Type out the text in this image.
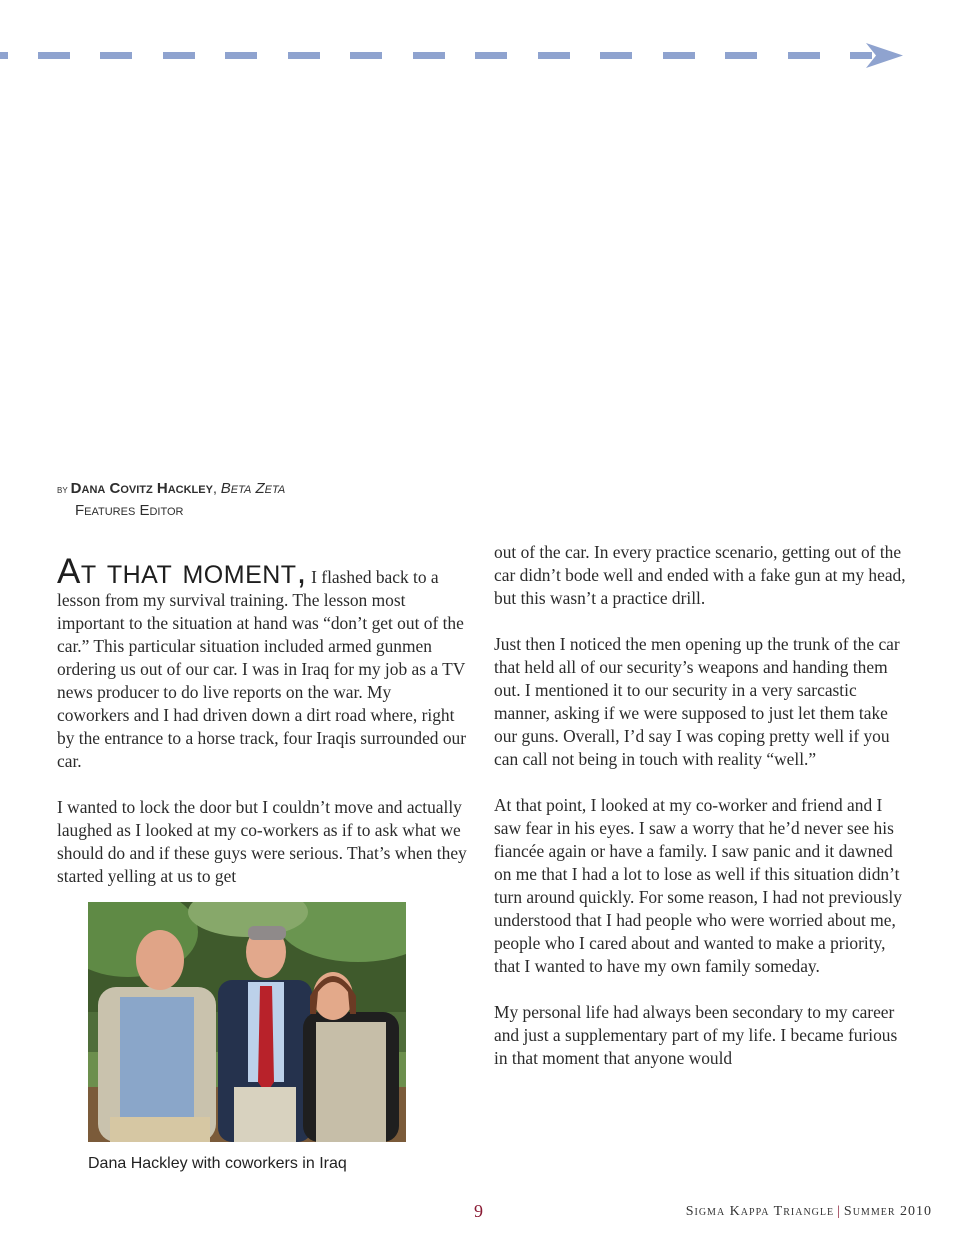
by Dana Covitz Hackley, Beta Zeta
Features Editor

At that moment, I flashed back to a lesson from my survival training. The lesson most important to the situation at hand was “don’t get out of the car.” This particular situation included armed gunmen ordering us out of our car. I was in Iraq for my job as a TV news producer to do live reports on the war. My coworkers and I had driven down a dirt road where, right by the entrance to a horse track, four Iraqis surrounded our car.

I wanted to lock the door but I couldn’t move and actually laughed as I looked at my co-workers as if to ask what we should do and if these guys were serious. That’s when they started yelling at us to get

out of the car. In every practice scenario, getting out of the car didn’t bode well and ended with a fake gun at my head, but this wasn’t a practice drill.

Just then I noticed the men opening up the trunk of the car that held all of our security’s weapons and handing them out. I mentioned it to our security in a very sarcastic manner, asking if we were supposed to just let them take our guns. Overall, I’d say I was coping pretty well if you can call not being in touch with reality “well.”

At that point, I looked at my co-worker and friend and I saw fear in his eyes. I saw a worry that he’d never see his fiancée again or have a family. I saw panic and it dawned on me that I had a lot to lose as well if this situation didn’t turn around quickly. For some reason, I had not previously understood that I had people who were worried about me, people who I cared about and wanted to make a priority, that I wanted to have my own family someday.

My personal life had always been secondary to my career and just a supplementary part of my life. I became furious in that moment that anyone would

Dana Hackley with coworkers in Iraq
9	Sigma Kappa Triangle | Summer 2010
